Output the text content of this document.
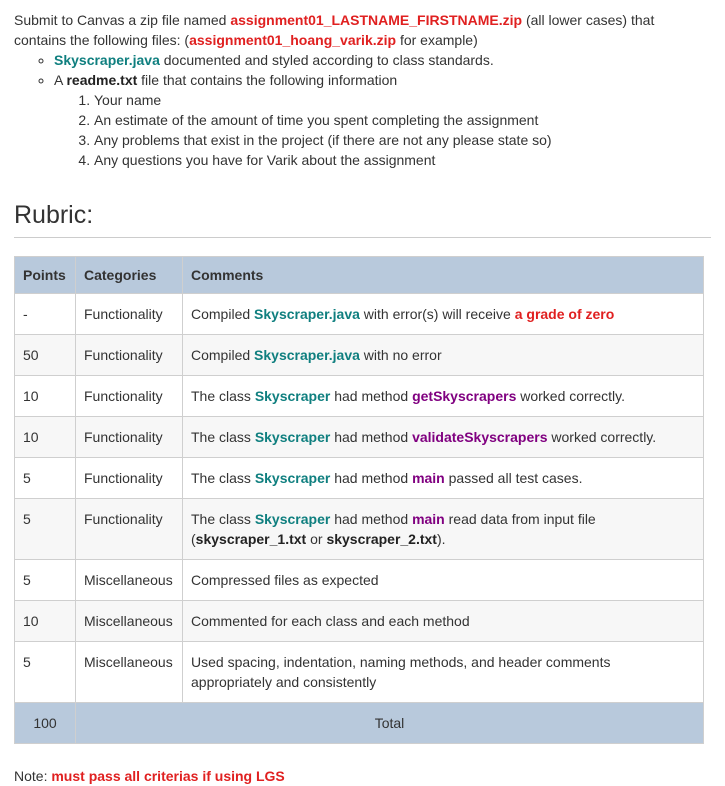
Submit to Canvas a zip file named assignment01_LASTNAME_FIRSTNAME.zip (all lower cases) that
contains the following files: (assignment01_hoang_varik.zip for example)

◦ Skyscraper.java documented and styled according to class standards.
◦ A readme.txt file that contains the following information
1. Your name
2. An estimate of the amount of time you spent completing the assignment
3. Any problems that exist in the project (if there are not any please state so)
4. Any questions you have for Varik about the assignment
Rubric:
Points	Categories	Comments
-	Functionality	Compiled Skyscraper.java with error(s) will receive a grade of zero
50	Functionality	Compiled Skyscraper.java with no error
10	Functionality	The class Skyscraper had method getSkyscrapers worked correctly.
10	Functionality	The class Skyscraper had method validateSkyscrapers worked correctly.
5	Functionality	The class Skyscraper had method main passed all test cases.
5	Functionality	The class Skyscraper had method main read data from input file
(skyscraper_1.txt or skyscraper_2.txt).
5	Miscellaneous	Compressed files as expected
10	Miscellaneous	Commented for each class and each method
5	Miscellaneous	Used spacing, indentation, naming methods, and header comments appropriately and consistently
100	Total	

Note: must pass all criterias if using LGS
